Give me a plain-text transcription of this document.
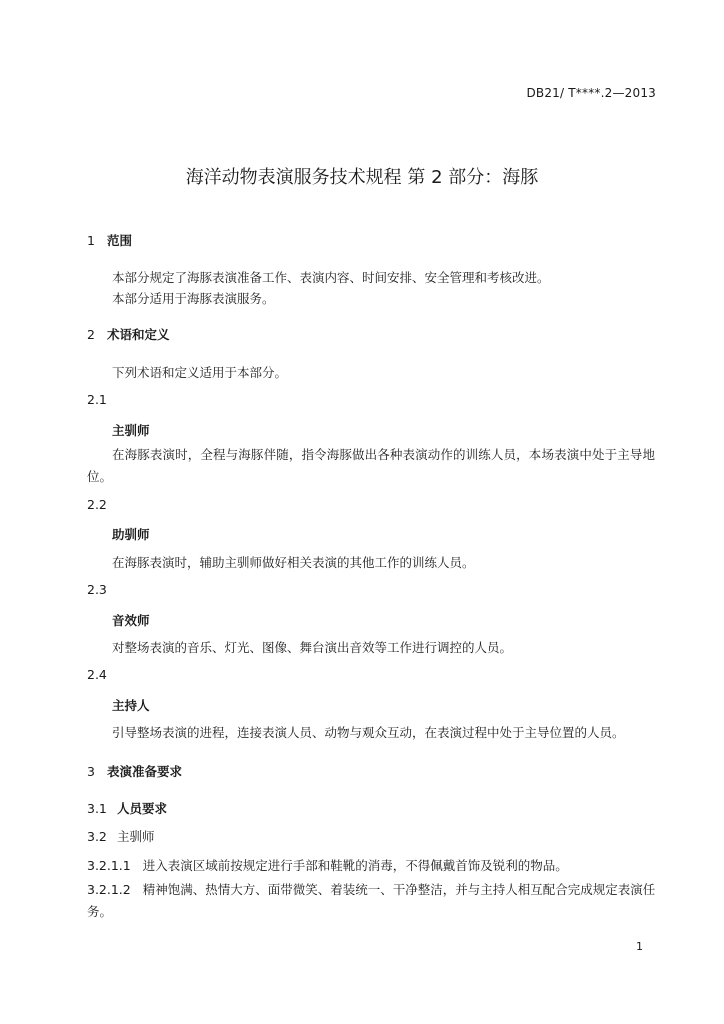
DB21/ T****.2—2013
海洋动物表演服务技术规程 第 2 部分：海豚
1 范围
本部分规定了海豚表演准备工作、表演内容、时间安排、安全管理和考核改进。
本部分适用于海豚表演服务。
2 术语和定义
下列术语和定义适用于本部分。
2.1
主驯师
在海豚表演时，全程与海豚伴随，指令海豚做出各种表演动作的训练人员，本场表演中处于主导地位。
2.2
助驯师
在海豚表演时，辅助主驯师做好相关表演的其他工作的训练人员。
2.3
音效师
对整场表演的音乐、灯光、图像、舞台演出音效等工作进行调控的人员。
2.4
主持人
引导整场表演的进程，连接表演人员、动物与观众互动，在表演过程中处于主导位置的人员。
3 表演准备要求
3.1 人员要求
3.2 主驯师
3.2.1.1 进入表演区域前按规定进行手部和鞋靴的消毒，不得佩戴首饰及锐利的物品。
3.2.1.2 精神饱满、热情大方、面带微笑、着装统一、干净整洁，并与主持人相互配合完成规定表演任务。
1
